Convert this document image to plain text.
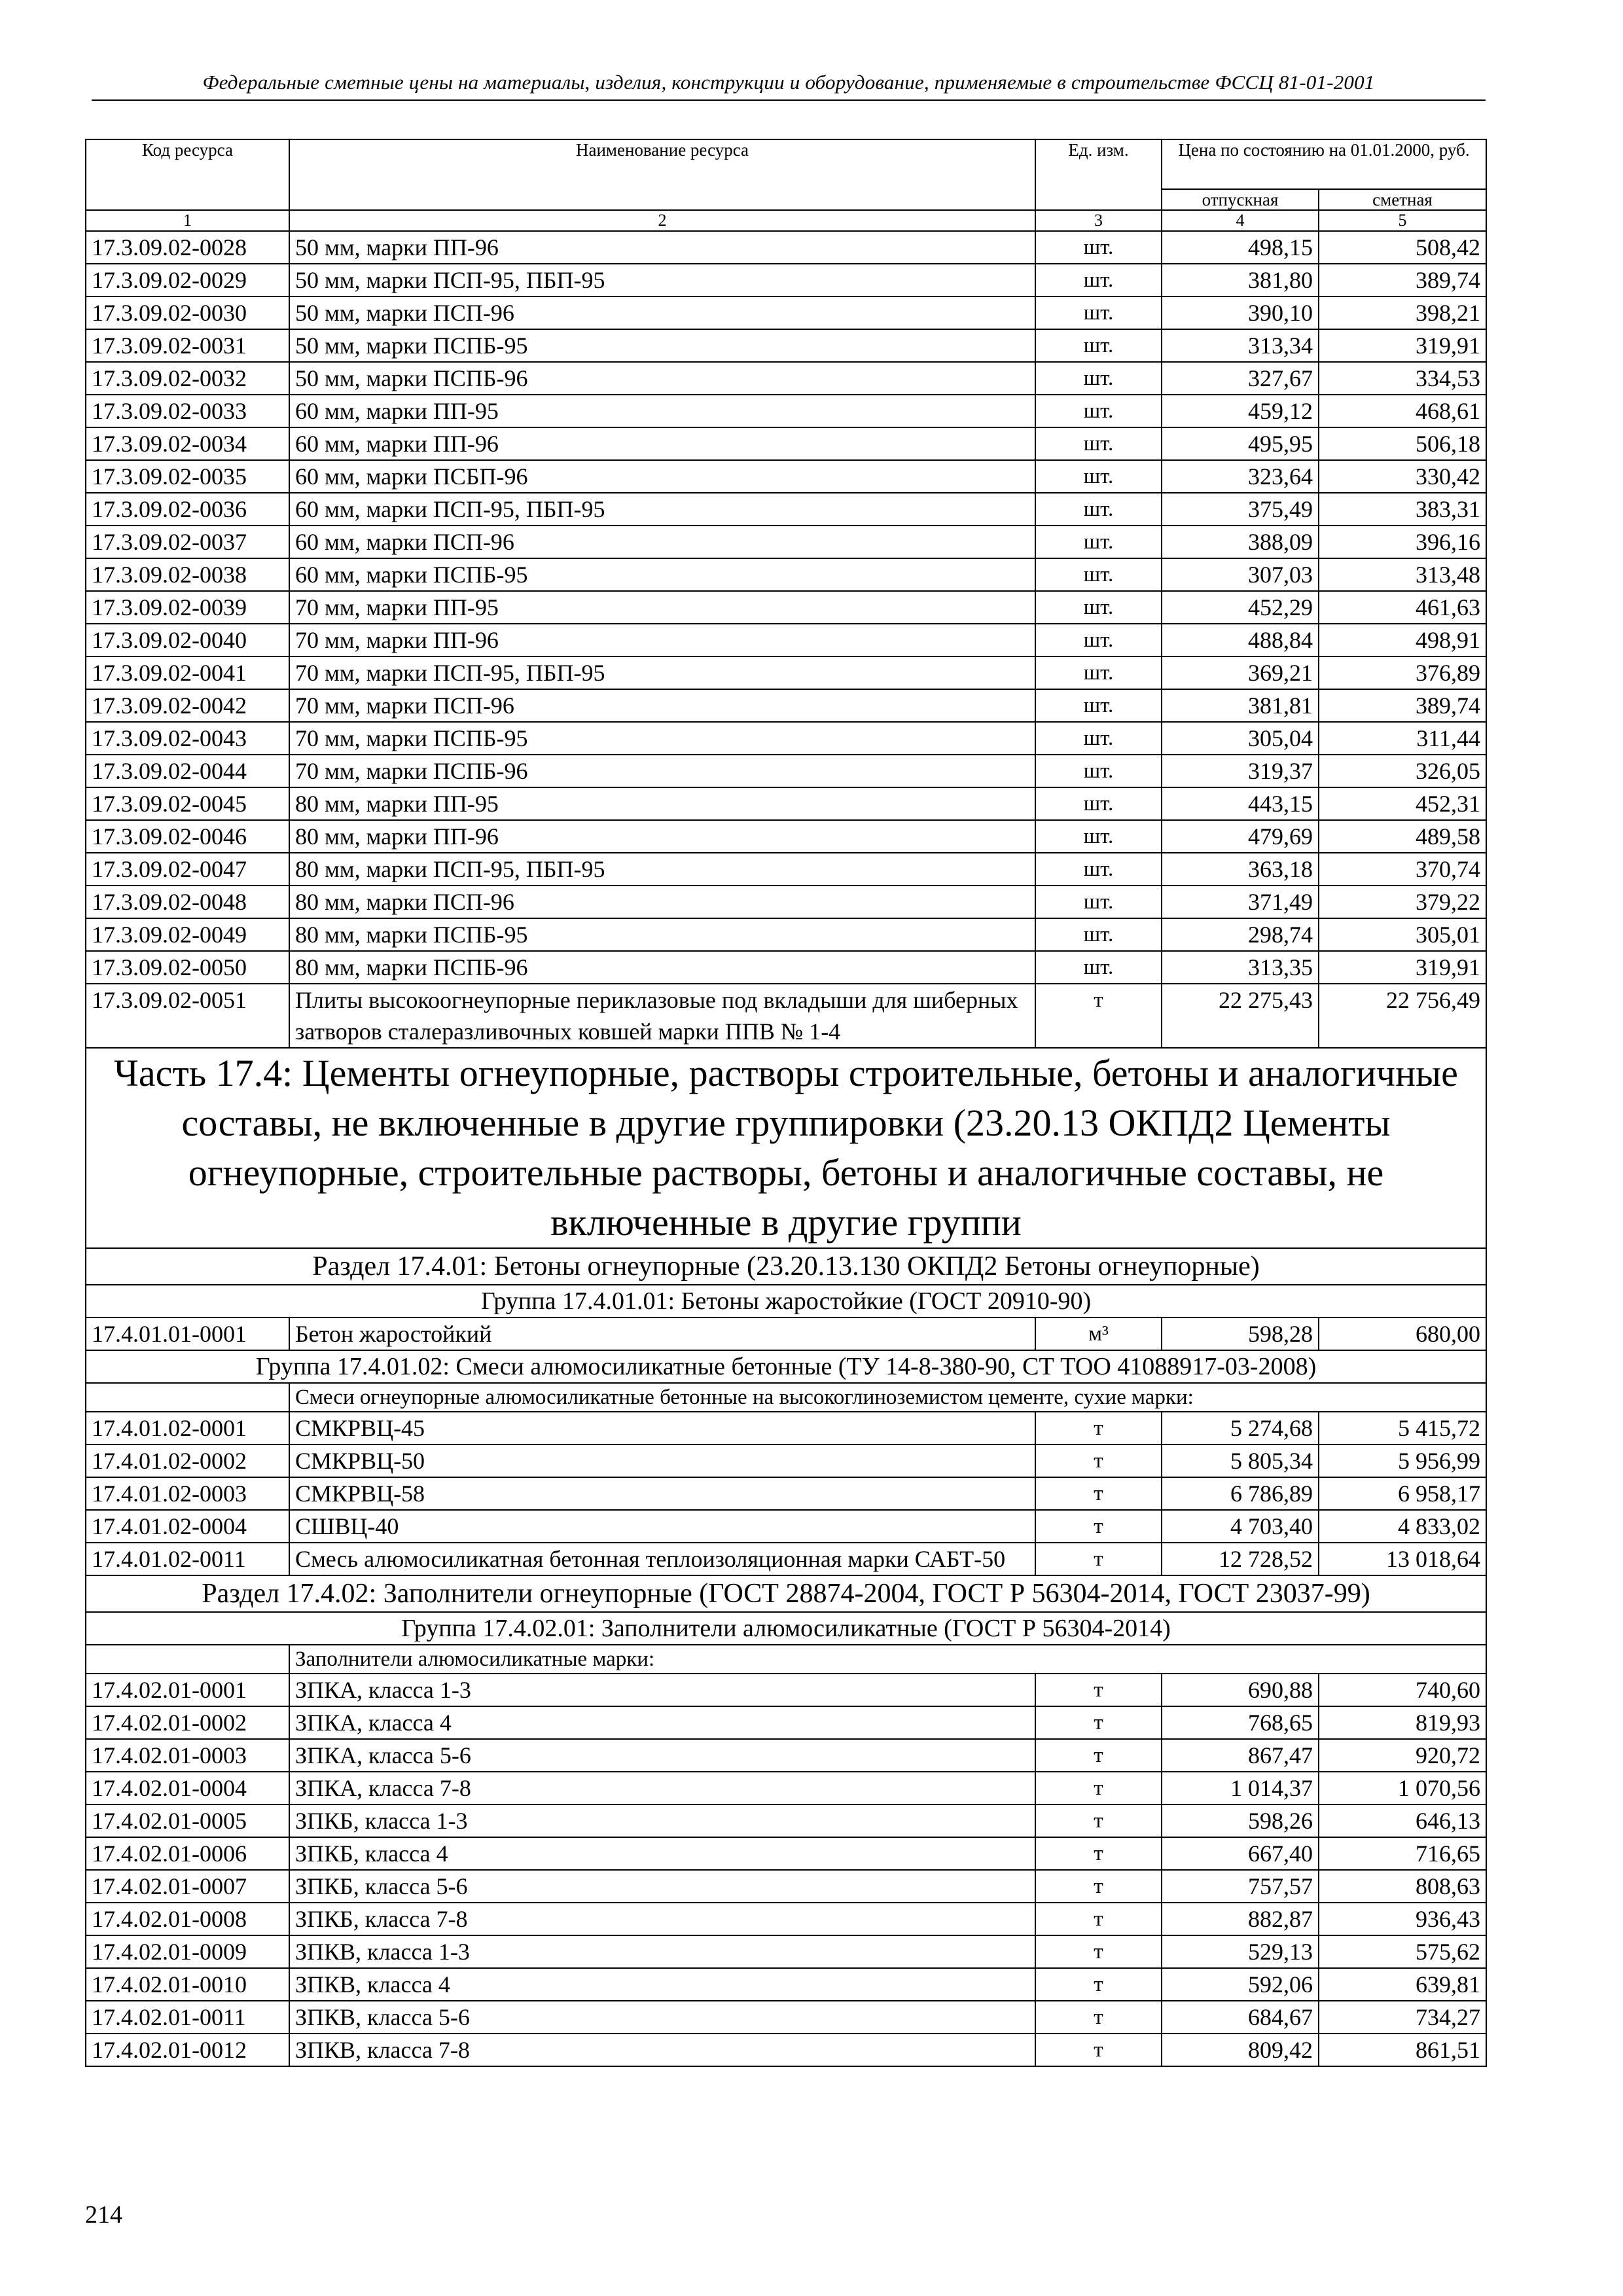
Федеральные сметные цены на материалы, изделия, конструкции и оборудование, применяемые в строительстве ФССЦ 81-01-2001
Код ресурса	Наименование ресурса	Ед. изм.	Цена по состоянию на 01.01.2000, руб.	
			отпускная	сметная
1	2	3	4	5
17.3.09.02-0028	50 мм, марки ПП-96	шт.	498,15	508,42
17.3.09.02-0029	50 мм, марки ПСП-95, ПБП-95	шт.	381,80	389,74
17.3.09.02-0030	50 мм, марки ПСП-96	шт.	390,10	398,21
17.3.09.02-0031	50 мм, марки ПСПБ-95	шт.	313,34	319,91
17.3.09.02-0032	50 мм, марки ПСПБ-96	шт.	327,67	334,53
17.3.09.02-0033	60 мм, марки ПП-95	шт.	459,12	468,61
17.3.09.02-0034	60 мм, марки ПП-96	шт.	495,95	506,18
17.3.09.02-0035	60 мм, марки ПСБП-96	шт.	323,64	330,42
17.3.09.02-0036	60 мм, марки ПСП-95, ПБП-95	шт.	375,49	383,31
17.3.09.02-0037	60 мм, марки ПСП-96	шт.	388,09	396,16
17.3.09.02-0038	60 мм, марки ПСПБ-95	шт.	307,03	313,48
17.3.09.02-0039	70 мм, марки ПП-95	шт.	452,29	461,63
17.3.09.02-0040	70 мм, марки ПП-96	шт.	488,84	498,91
17.3.09.02-0041	70 мм, марки ПСП-95, ПБП-95	шт.	369,21	376,89
17.3.09.02-0042	70 мм, марки ПСП-96	шт.	381,81	389,74
17.3.09.02-0043	70 мм, марки ПСПБ-95	шт.	305,04	311,44
17.3.09.02-0044	70 мм, марки ПСПБ-96	шт.	319,37	326,05
17.3.09.02-0045	80 мм, марки ПП-95	шт.	443,15	452,31
17.3.09.02-0046	80 мм, марки ПП-96	шт.	479,69	489,58
17.3.09.02-0047	80 мм, марки ПСП-95, ПБП-95	шт.	363,18	370,74
17.3.09.02-0048	80 мм, марки ПСП-96	шт.	371,49	379,22
17.3.09.02-0049	80 мм, марки ПСПБ-95	шт.	298,74	305,01
17.3.09.02-0050	80 мм, марки ПСПБ-96	шт.	313,35	319,91
17.3.09.02-0051	Плиты высокоогнеупорные периклазовые под вкладыши для шиберных затворов сталеразливочных ковшей марки ППВ № 1-4	т	22 275,43	22 756,49
Часть 17.4: Цементы огнеупорные, растворы строительные, бетоны и аналогичные составы, не включенные в другие группировки (23.20.13 ОКПД2 Цементы огнеупорные, строительные растворы, бетоны и аналогичные составы, не включенные в другие группи				
Раздел 17.4.01: Бетоны огнеупорные (23.20.13.130 ОКПД2 Бетоны огнеупорные)				
Группа 17.4.01.01: Бетоны жаростойкие (ГОСТ 20910-90)				
17.4.01.01-0001	Бетон жаростойкий	м³	598,28	680,00
Группа 17.4.01.02: Смеси алюмосиликатные бетонные (ТУ 14-8-380-90, СТ ТОО 41088917-03-2008)				
	Смеси огнеупорные алюмосиликатные бетонные на высокоглиноземистом цементе, сухие марки:			
17.4.01.02-0001	СМКРВЦ-45	т	5 274,68	5 415,72
17.4.01.02-0002	СМКРВЦ-50	т	5 805,34	5 956,99
17.4.01.02-0003	СМКРВЦ-58	т	6 786,89	6 958,17
17.4.01.02-0004	СШВЦ-40	т	4 703,40	4 833,02
17.4.01.02-0011	Смесь алюмосиликатная бетонная теплоизоляционная марки САБТ-50	т	12 728,52	13 018,64
Раздел 17.4.02: Заполнители огнеупорные (ГОСТ 28874-2004, ГОСТ Р 56304-2014, ГОСТ 23037-99)				
Группа 17.4.02.01: Заполнители алюмосиликатные (ГОСТ Р 56304-2014)				
	Заполнители алюмосиликатные марки:			
17.4.02.01-0001	ЗПКА, класса 1-3	т	690,88	740,60
17.4.02.01-0002	ЗПКА, класса 4	т	768,65	819,93
17.4.02.01-0003	ЗПКА, класса 5-6	т	867,47	920,72
17.4.02.01-0004	ЗПКА, класса 7-8	т	1 014,37	1 070,56
17.4.02.01-0005	ЗПКБ, класса 1-3	т	598,26	646,13
17.4.02.01-0006	ЗПКБ, класса 4	т	667,40	716,65
17.4.02.01-0007	ЗПКБ, класса 5-6	т	757,57	808,63
17.4.02.01-0008	ЗПКБ, класса 7-8	т	882,87	936,43
17.4.02.01-0009	ЗПКВ, класса 1-3	т	529,13	575,62
17.4.02.01-0010	ЗПКВ, класса 4	т	592,06	639,81
17.4.02.01-0011	ЗПКВ, класса 5-6	т	684,67	734,27
17.4.02.01-0012	ЗПКВ, класса 7-8	т	809,42	861,51
214
